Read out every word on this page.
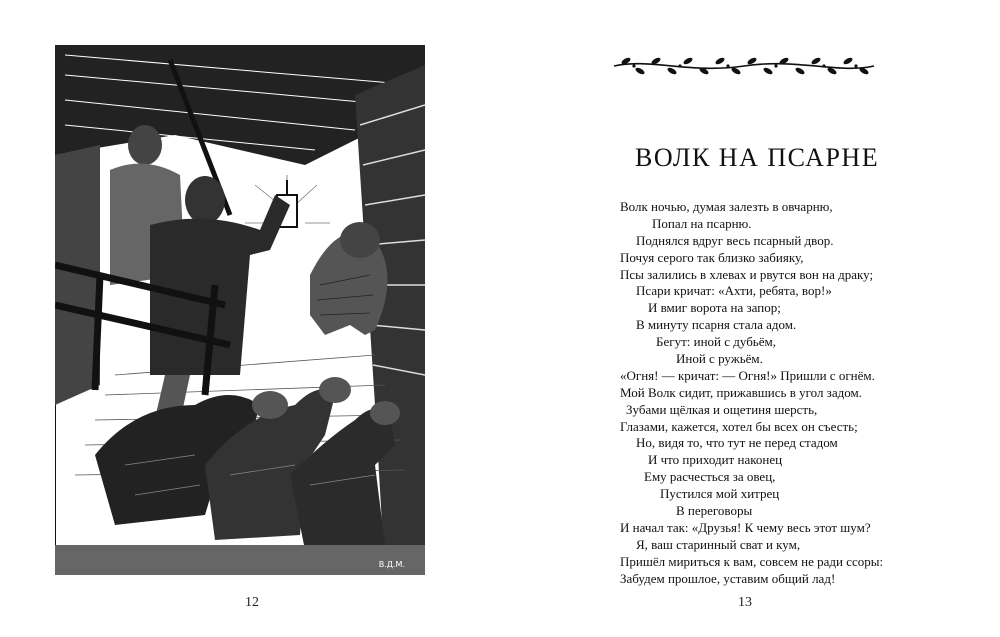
В.Д.М.
12
ВОЛК НА ПСАРНЕ
Волк ночью, думая залезть в овчарню,
Попал на псарню.
Поднялся вдруг весь псарный двор.
Почуя серого так близко забияку,
Псы залились в хлевах и рвутся вон на драку;
Псари кричат: «Ахти, ребята, вор!»
И вмиг ворота на запор;
В минуту псарня стала адом.
Бегут: иной с дубьём,
Иной с ружьём.
«Огня! — кричат: — Огня!» Пришли с огнём.
Мой Волк сидит, прижавшись в угол задом.
Зубами щёлкая и ощетиня шерсть,
Глазами, кажется, хотел бы всех он съесть;
Но, видя то, что тут не перед стадом
И что приходит наконец
Ему расчесться за овец,
Пустился мой хитрец
В переговоры
И начал так: «Друзья! К чему весь этот шум?
Я, ваш старинный сват и кум,
Пришёл мириться к вам, совсем не ради ссоры:
Забудем прошлое, уставим общий лад!
13
